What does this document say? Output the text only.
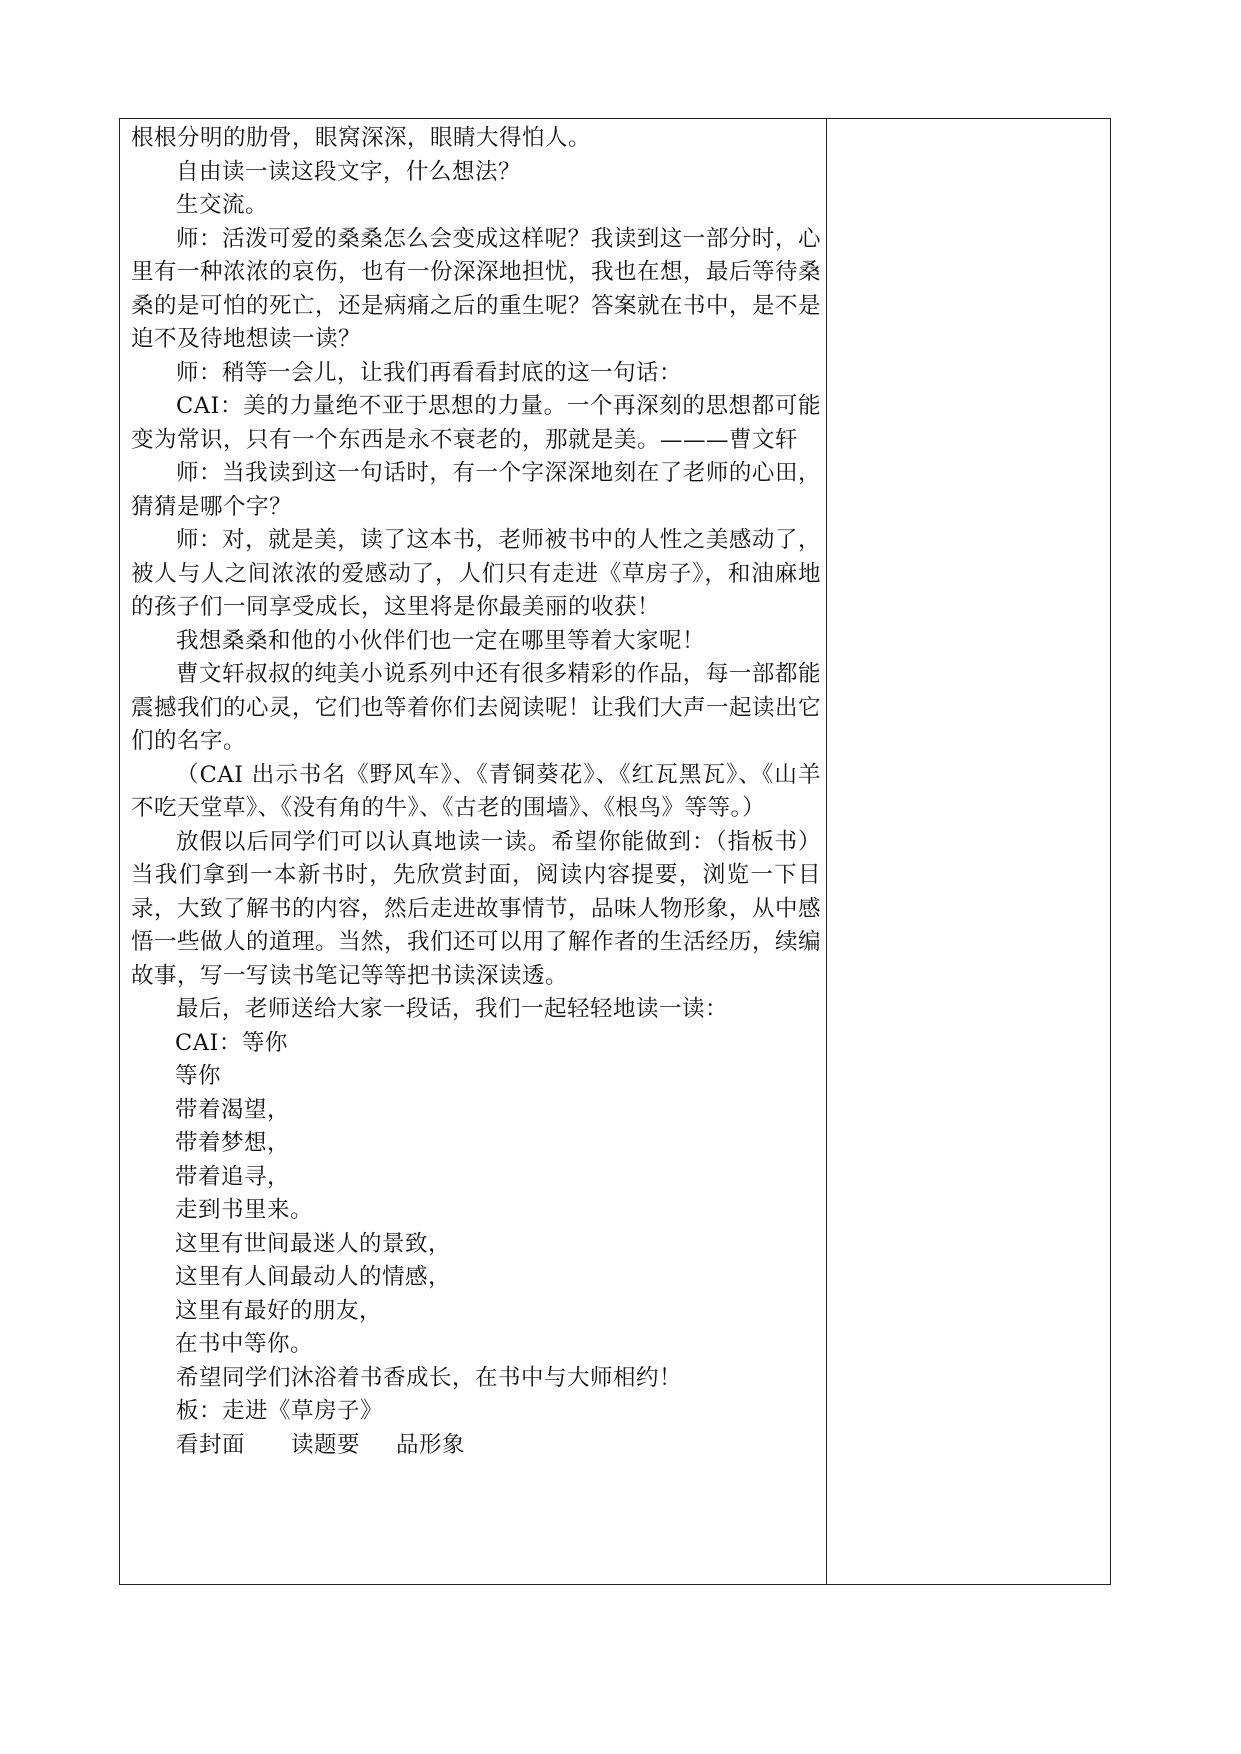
根根分明的肋骨，眼窝深深，眼睛大得怕人。

自由读一读这段文字，什么想法？

生交流。

师：活泼可爱的桑桑怎么会变成这样呢？我读到这一部分时，心里有一种浓浓的哀伤，也有一份深深地担忧，我也在想，最后等待桑桑的是可怕的死亡，还是病痛之后的重生呢？答案就在书中，是不是迫不及待地想读一读？

师：稍等一会儿，让我们再看看封底的这一句话：

CAI：美的力量绝不亚于思想的力量。一个再深刻的思想都可能变为常识，只有一个东西是永不衰老的，那就是美。———曹文轩

师：当我读到这一句话时，有一个字深深地刻在了老师的心田，猜猜是哪个字？

师：对，就是美，读了这本书，老师被书中的人性之美感动了，被人与人之间浓浓的爱感动了，人们只有走进《草房子》，和油麻地的孩子们一同享受成长，这里将是你最美丽的收获！

我想桑桑和他的小伙伴们也一定在哪里等着大家呢！

曹文轩叔叔的纯美小说系列中还有很多精彩的作品，每一部都能震撼我们的心灵，它们也等着你们去阅读呢！让我们大声一起读出它们的名字。

（CAI 出示书名《野风车》、《青铜葵花》、《红瓦黑瓦》、《山羊不吃天堂草》、《没有角的牛》、《古老的围墙》、《根鸟》等等。）

放假以后同学们可以认真地读一读。希望你能做到：（指板书）当我们拿到一本新书时，先欣赏封面，阅读内容提要，浏览一下目录，大致了解书的内容，然后走进故事情节，品味人物形象，从中感悟一些做人的道理。当然，我们还可以用了解作者的生活经历，续编故事，写一写读书笔记等等把书读深读透。

最后，老师送给大家一段话，我们一起轻轻地读一读：

CAI：等你
等你
带着渴望，
带着梦想，
带着追寻，
走到书里来。
这里有世间最迷人的景致，
这里有人间最动人的情感，
这里有最好的朋友，
在书中等你。

希望同学们沐浴着书香成长，在书中与大师相约！

板：走进《草房子》

看封面 读题要 品形象
